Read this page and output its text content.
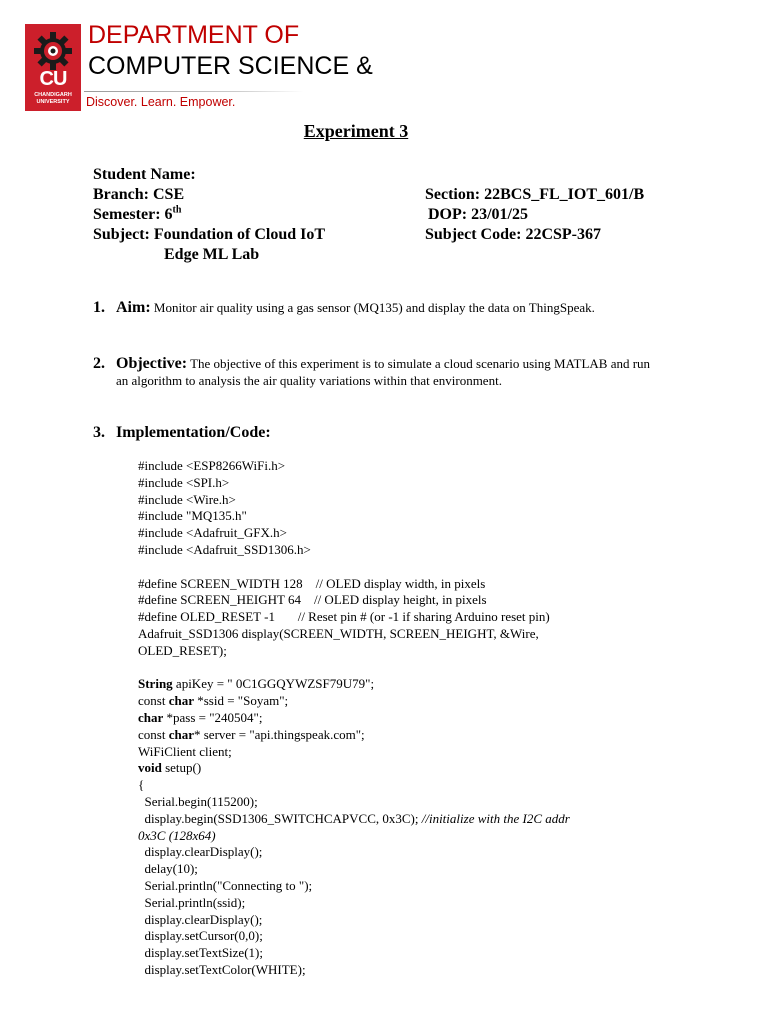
CU
CHANDIGARH
UNIVERSITY
DEPARTMENT OF
COMPUTER SCIENCE &
Discover. Learn. Empower.
Experiment 3
Student Name:
Branch: CSE	Section: 22BCS_FL_IOT_601/B
Semester: 6th	DOP: 23/01/25
Subject: Foundation of Cloud IoT	Subject Code: 22CSP-367
Edge ML Lab
1. Aim: Monitor air quality using a gas sensor (MQ135) and display the data on ThingSpeak.
2. Objective: The objective of this experiment is to simulate a cloud scenario using MATLAB and run an algorithm to analysis the air quality variations within that environment.
3. Implementation/Code:
#include <ESP8266WiFi.h>
#include <SPI.h>
#include <Wire.h>
#include "MQ135.h"
#include <Adafruit_GFX.h>
#include <Adafruit_SSD1306.h>
#define SCREEN_WIDTH 128    // OLED display width, in pixels
#define SCREEN_HEIGHT 64    // OLED display height, in pixels
#define OLED_RESET -1       // Reset pin # (or -1 if sharing Arduino reset pin)
Adafruit_SSD1306 display(SCREEN_WIDTH, SCREEN_HEIGHT, &Wire,
OLED_RESET);
String apiKey = " 0C1GGQYWZSF79U79";
const char *ssid = "Soyam";
char *pass = "240504";
const char* server = "api.thingspeak.com";
WiFiClient client;
void setup()
{
Serial.begin(115200);
display.begin(SSD1306_SWITCHCAPVCC, 0x3C); //initialize with the I2C addr
0x3C (128x64)
display.clearDisplay();
delay(10);
Serial.println("Connecting to ");
Serial.println(ssid);
display.clearDisplay();
display.setCursor(0,0);
display.setTextSize(1);
display.setTextColor(WHITE);
